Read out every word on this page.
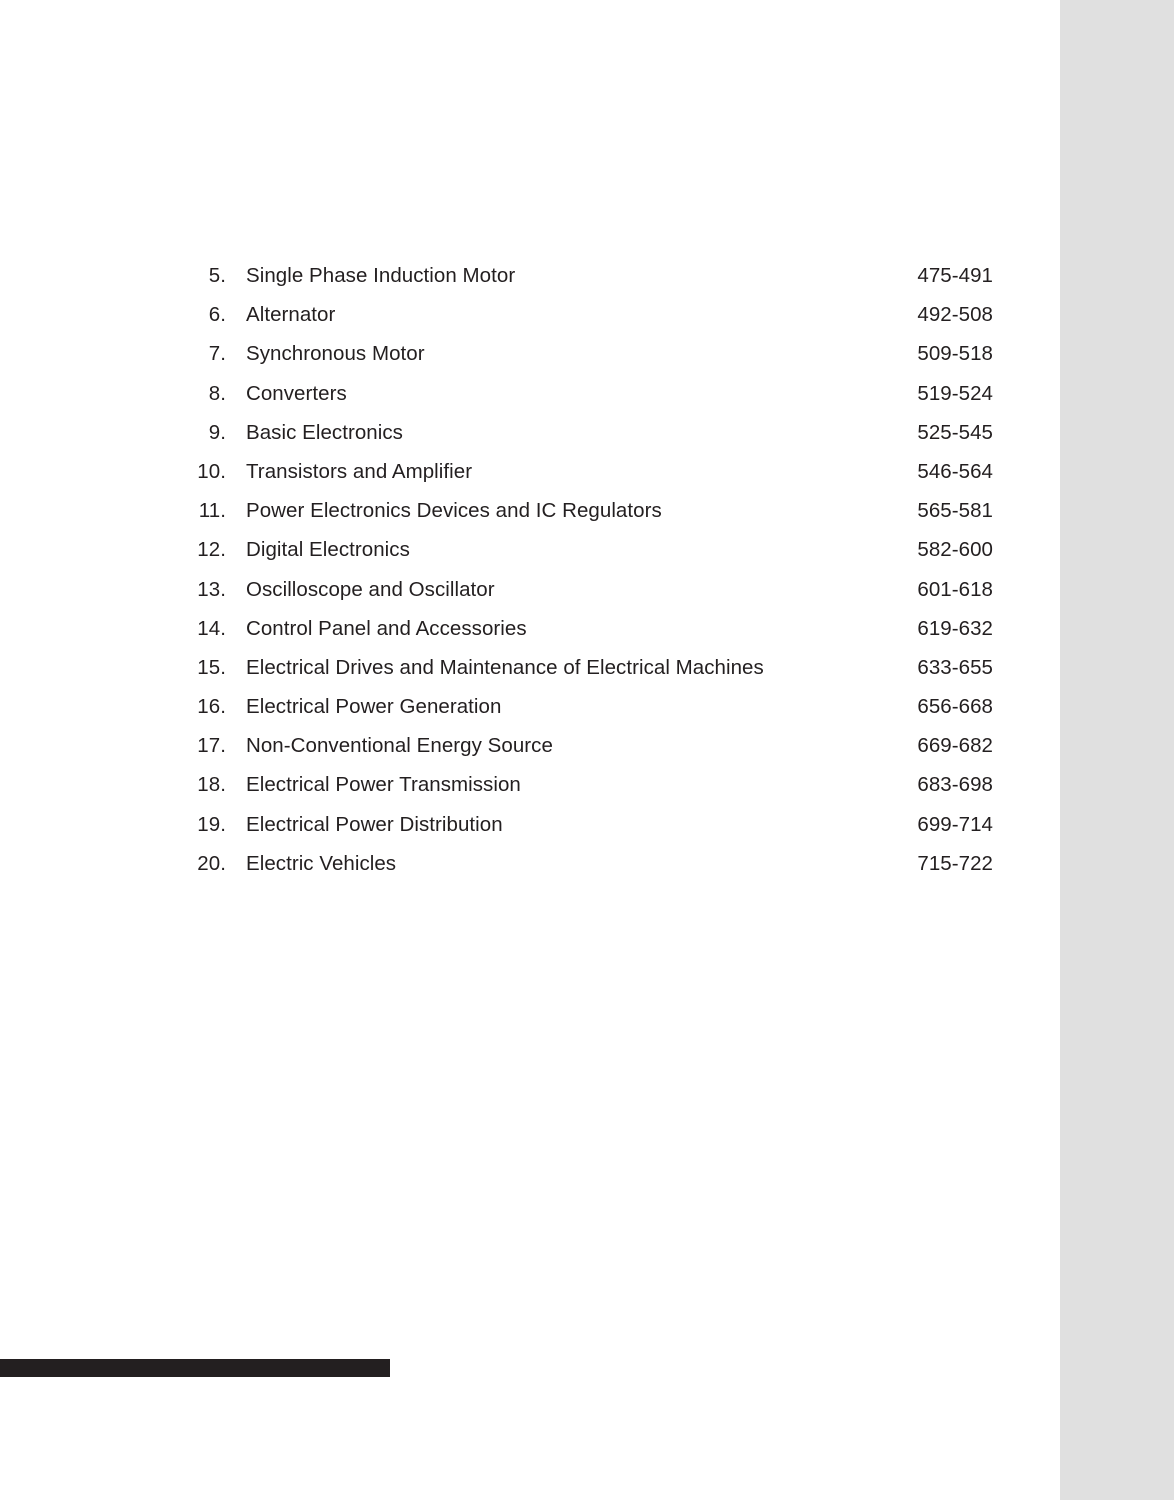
5. Single Phase Induction Motor	475-491
6. Alternator	492-508
7. Synchronous Motor	509-518
8. Converters	519-524
9. Basic Electronics	525-545
10. Transistors and Amplifier	546-564
11. Power Electronics Devices and IC Regulators	565-581
12. Digital Electronics	582-600
13. Oscilloscope and Oscillator	601-618
14. Control Panel and Accessories	619-632
15. Electrical Drives and Maintenance of Electrical Machines	633-655
16. Electrical Power Generation	656-668
17. Non-Conventional Energy Source	669-682
18. Electrical Power Transmission	683-698
19. Electrical Power Distribution	699-714
20. Electric Vehicles	715-722
